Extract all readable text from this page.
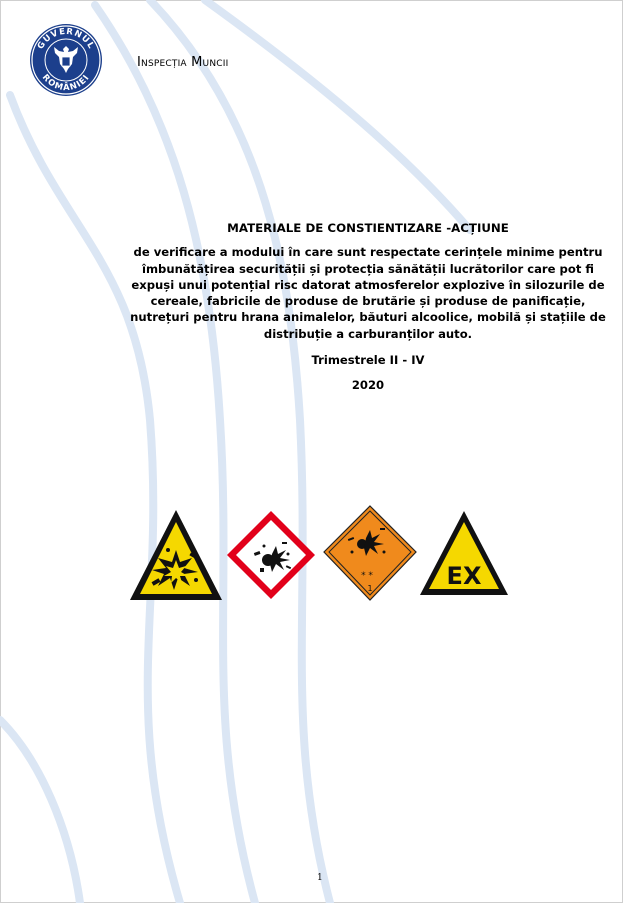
GUVERNUL
ROMÂNIEI
Inspecția Muncii
MATERIALE DE CONSTIENTIZARE -ACȚIUNE
de verificare a modului în care sunt respectate cerințele minime pentru îmbunătățirea securității și protecția sănătății lucrătorilor care pot fi expuși unui potențial risc datorat atmosferelor explozive în silozurile de cereale, fabricile de produse de brutărie și produse de panificație, nutrețuri pentru hrana animalelor, băuturi alcoolice, mobilă și stațiile de distribuție a carburanților auto.
Trimestrele II - IV
2020
* *
1	EX
1
